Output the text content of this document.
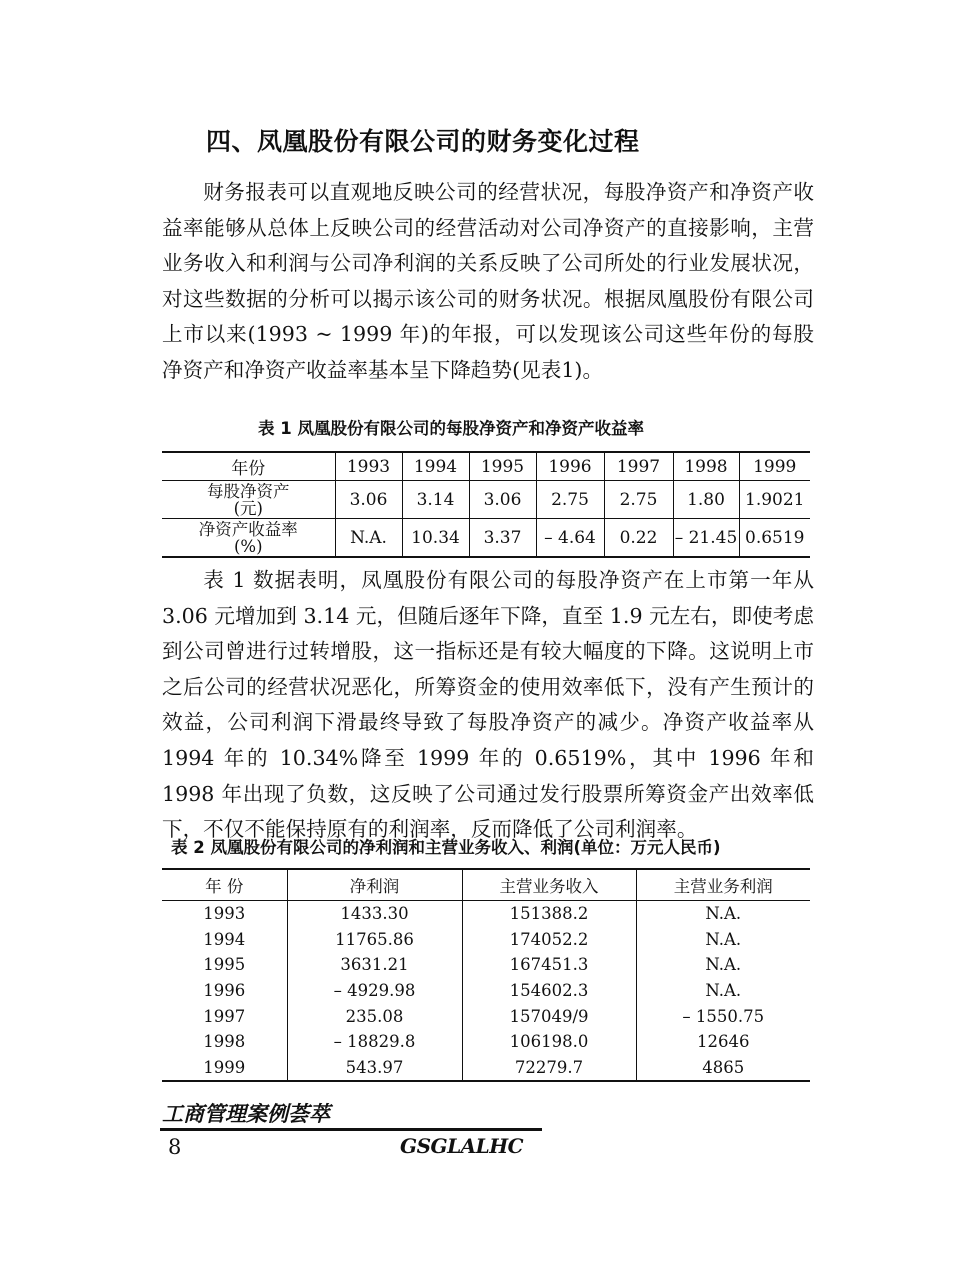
四、凤凰股份有限公司的财务变化过程

财务报表可以直观地反映公司的经营状况，每股净资产和净资产收益率能够从总体上反映公司的经营活动对公司净资产的直接影响，主营业务收入和利润与公司净利润的关系反映了公司所处的行业发展状况，对这些数据的分析可以揭示该公司的财务状况。根据凤凰股份有限公司上市以来(1993 ~ 1999 年)的年报，可以发现该公司这些年份的每股净资产和净资产收益率基本呈下降趋势(见表1)。

表 1 凤凰股份有限公司的每股净资产和净资产收益率
年份	1993	1994	1995	1996	1997	1998	1999

每股净资产
(元)	3.06	3.14	3.06	2.75	2.75	1.80	1.9021

净资产收益率
(%)	N.A.	10.34	3.37	– 4.64	0.22	– 21.45	0.6519

表 1 数据表明，凤凰股份有限公司的每股净资产在上市第一年从 3.06 元增加到 3.14 元，但随后逐年下降，直至 1.9 元左右，即使考虑到公司曾进行过转增股，这一指标还是有较大幅度的下降。这说明上市之后公司的经营状况恶化，所筹资金的使用效率低下，没有产生预计的效益，公司利润下滑最终导致了每股净资产的减少。净资产收益率从 1994 年的 10.34%降至 1999 年的 0.6519%，其中 1996 年和 1998 年出现了负数，这反映了公司通过发行股票所筹资金产出效率低下，不仅不能保持原有的利润率，反而降低了公司利润率。

表 2 凤凰股份有限公司的净利润和主营业务收入、利润(单位：万元人民币)
年 份	净利润	主营业务收入	主营业务利润
1993	1433.30	151388.2	N.A.
1994	11765.86	174052.2	N.A.
1995	3631.21	167451.3	N.A.
1996	– 4929.98	154602.3	N.A.
1997	235.08	157049/9	– 1550.75
1998	– 18829.8	106198.0	12646
1999	543.97	72279.7	4865
工商管理案例荟萃
8	GSGLALHC
